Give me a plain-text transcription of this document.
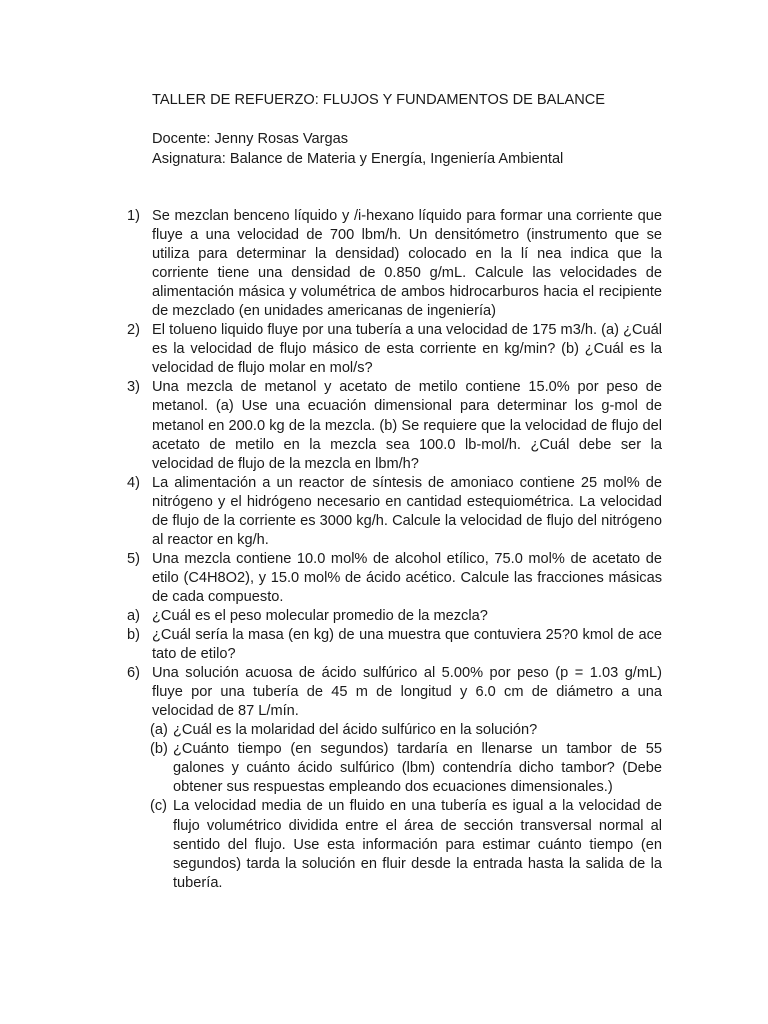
TALLER DE REFUERZO: FLUJOS Y FUNDAMENTOS DE BALANCE
Docente: Jenny Rosas Vargas
Asignatura: Balance de Materia y Energía, Ingeniería Ambiental
1) Se mezclan benceno líquido y /i-hexano líquido para formar una corriente que fluye a una velocidad de 700 lbm/h. Un densitómetro (instrumento que se utiliza para determinar la densidad) colocado en la lí nea indica que la corriente tiene una densidad de 0.850 g/mL. Calcule las velocidades de alimentación másica y volumétrica de ambos hidrocarburos hacia el recipiente de mezclado (en unidades americanas de ingeniería)
2) El tolueno liquido fluye por una tubería a una velocidad de 175 m3/h. (a) ¿Cuál es la velocidad de flujo másico de esta corriente en kg/min? (b) ¿Cuál es la velocidad de flujo molar en mol/s?
3) Una mezcla de metanol y acetato de metilo contiene 15.0% por peso de metanol. (a) Use una ecuación dimensional para determinar los g-mol de metanol en 200.0 kg de la mezcla. (b) Se requiere que la velocidad de flujo del acetato de metilo en la mezcla sea 100.0 lb-mol/h. ¿Cuál debe ser la velocidad de flujo de la mezcla en lbm/h?
4) La alimentación a un reactor de síntesis de amoniaco contiene 25 mol% de nitrógeno y el hidrógeno necesario en cantidad estequiométrica. La velocidad de flujo de la corriente es 3000 kg/h. Calcule la velocidad de flujo del nitrógeno al reactor en kg/h.
5) Una mezcla contiene 10.0 mol% de alcohol etílico, 75.0 mol% de acetato de etilo (C4H8O2), y 15.0 mol% de ácido acético. Calcule las fracciones másicas de cada compuesto.
a) ¿Cuál es el peso molecular promedio de la mezcla?
b) ¿Cuál sería la masa (en kg) de una muestra que contuviera 25?0 kmol de ace tato de etilo?
6) Una solución acuosa de ácido sulfúrico al 5.00% por peso (p = 1.03 g/mL) fluye por una tubería de 45 m de longitud y 6.0 cm de diámetro a una velocidad de 87 L/mín.
(a) ¿Cuál es la molaridad del ácido sulfúrico en la solución?
(b) ¿Cuánto tiempo (en segundos) tardaría en llenarse un tambor de 55 galones y cuánto ácido sulfúrico (lbm) contendría dicho tambor? (Debe obtener sus respuestas empleando dos ecuaciones dimensionales.)
(c) La velocidad media de un fluido en una tubería es igual a la velocidad de flujo volumétrico dividida entre el área de sección transversal normal al sentido del flujo. Use esta información para estimar cuánto tiempo (en segundos) tarda la solución en fluir desde la entrada hasta la salida de la tubería.
